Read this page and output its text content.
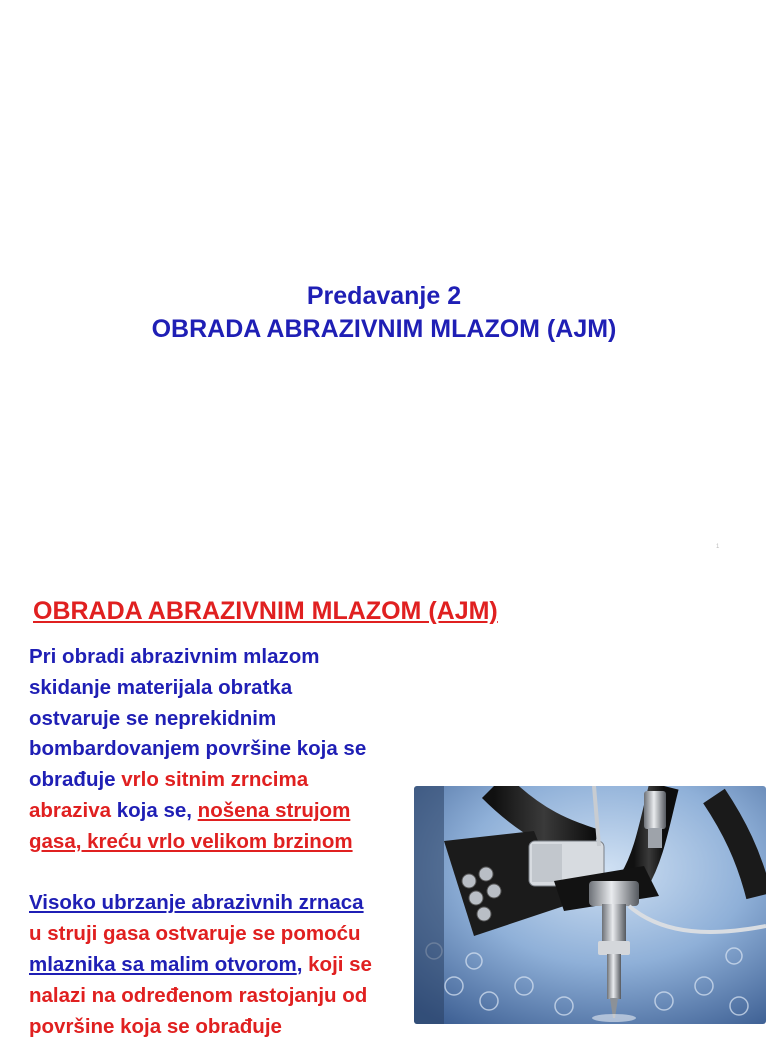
Predavanje 2
OBRADA ABRAZIVNIM MLAZOM (AJM)
1
OBRADA ABRAZIVNIM MLAZOM (AJM)
Pri obradi abrazivnim mlazom
skidanje materijala obratka
ostvaruje se neprekidnim
bombardovanjem površine koja se
obrađuje vrlo sitnim zrncima
abraziva koja se, nošena strujom
gasa, kreću vrlo velikom brzinom
Visoko ubrzanje abrazivnih zrnaca
u struji gasa ostvaruje se pomoću
mlaznika sa malim otvorom, koji se
nalazi na određenom rastojanju od
površine koja se obrađuje
